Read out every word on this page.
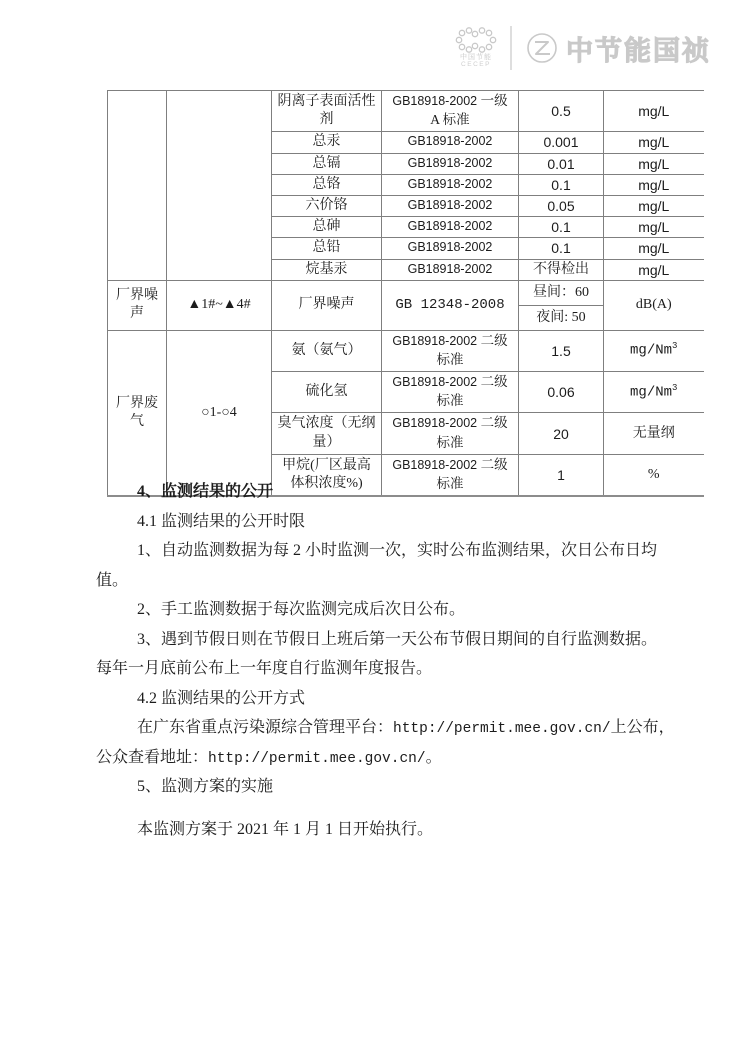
中国节能
CECEP	中节能国祯
		阴离子表面活性剂	GB18918-2002 一级 A 标准	0.5	mg/L
		总汞	GB18918-2002	0.001	mg/L
		总镉	GB18918-2002	0.01	mg/L
		总铬	GB18918-2002	0.1	mg/L
		六价铬	GB18918-2002	0.05	mg/L
		总砷	GB18918-2002	0.1	mg/L
		总铅	GB18918-2002	0.1	mg/L
		烷基汞	GB18918-2002	不得检出	mg/L
厂界噪声	▲1#~▲4#	厂界噪声	GB 12348-2008	昼间：60	dB(A)
				夜间: 50	
厂界废气	○1-○4	氨（氨气）	GB18918-2002 二级标准	1.5	mg/Nm$^3$
		硫化氢	GB18918-2002 二级标准	0.06	mg/Nm$^3$
		臭气浓度（无纲量）	GB18918-2002 二级标准	20	无量纲
		甲烷(厂区最高体积浓度%)	GB18918-2002 二级标准	1	%
4、监测结果的公开
4.1 监测结果的公开时限
1、自动监测数据为每 2 小时监测一次，实时公布监测结果，次日公布日均
值。
2、手工监测数据于每次监测完成后次日公布。
3、遇到节假日则在节假日上班后第一天公布节假日期间的自行监测数据。
每年一月底前公布上一年度自行监测年度报告。
4.2 监测结果的公开方式
在广东省重点污染源综合管理平台：http://permit.mee.gov.cn/上公布，
公众查看地址：http://permit.mee.gov.cn/。
5、监测方案的实施
本监测方案于 2021 年 1 月 1 日开始执行。
